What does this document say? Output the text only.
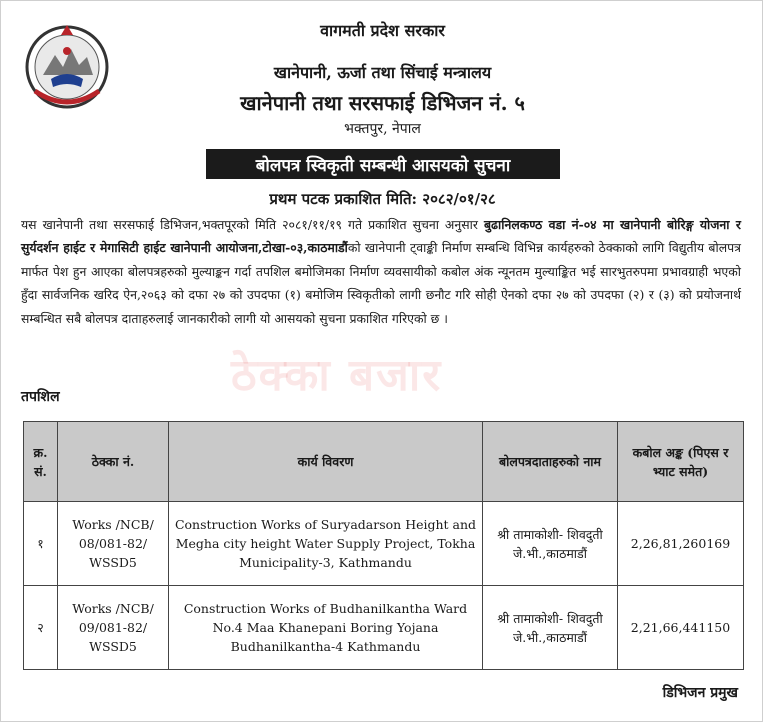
वागमती प्रदेश सरकार
खानेपानी, ऊर्जा तथा सिंचाई मन्त्रालय
खानेपानी तथा सरसफाई डिभिजन नं. ५
भक्तपुर, नेपाल
बोलपत्र स्विकृती सम्बन्धी आसयको सुचना
प्रथम पटक प्रकाशित मिति: २०८२/०१/२८
ठेक्का बजार
यस खानेपानी तथा सरसफाई डिभिजन,भक्तपूरको मिति २०८१/११/१९ गते प्रकाशित सुचना अनुसार बुढानिलकण्ठ वडा नं-०४ मा खानेपानी बोरिङ्ग योजना र सुर्यदर्शन हाईट र मेगासिटी हाईट खानेपानी आयोजना,टोखा-०३,काठमाडौंको खानेपानी ट्वाङ्की निर्माण सम्बन्धि विभिन्न कार्यहरुको ठेक्काको लागि विद्युतीय बोलपत्र मार्फत पेश हुन आएका बोलपत्रहरुको मुल्याङ्कन गर्दा तपशिल बमोजिमका निर्माण व्यवसायीको कबोल अंक न्यूनतम मुल्याङ्कित भई सारभुतरुपमा प्रभावग्राही भएको हुँदा सार्वजनिक खरिद ऐन,२०६३ को दफा २७ को उपदफा (१) बमोजिम स्विकृतीको लागी छनौट गरि सोही ऐनको दफा २७ को उपदफा (२) र (३) को प्रयोजनार्थ सम्बन्धित सबै बोलपत्र दाताहरुलाई जानकारीको लागी यो आसयको सुचना प्रकाशित गरिएको छ ।
तपशिल
क्र. सं.	ठेक्का नं.	कार्य विवरण	बोलपत्रदाताहरुको नाम	कबोल अङ्क (पिएस र भ्याट समेत)
१	Works /NCB/ 08/081-82/ WSSD5	Construction Works of Suryadarson Height and Megha city height Water Supply Project, Tokha Municipality-3, Kathmandu	श्री तामाकोशी- शिवदुती जे.भी.,काठमाडौं	2,26,81,260169
२	Works /NCB/ 09/081-82/ WSSD5	Construction Works of Budhanilkantha Ward No.4 Maa Khanepani Boring Yojana Budhanilkantha-4 Kathmandu	श्री तामाकोशी- शिवदुती जे.भी.,काठमाडौं	2,21,66,441150
डिभिजन प्रमुख
